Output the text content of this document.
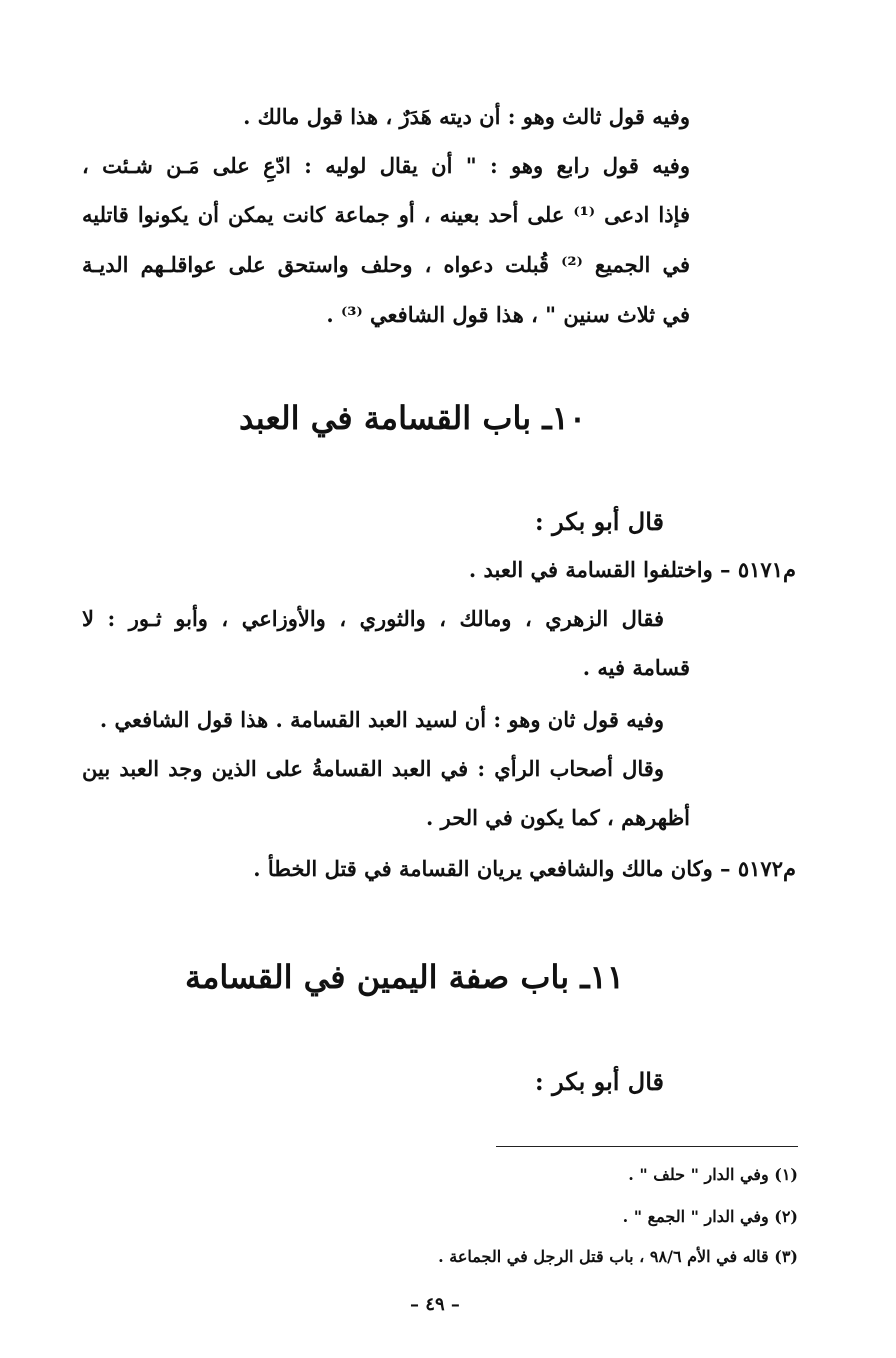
وفيه قول ثالث وهو : أن ديته هَدَرٌ ، هذا قول مالك .
وفيه قول رابع وهو : " أن يقال لوليه : ادّعِ على مَـن شـئت ،
فإذا ادعى ⁽¹⁾ على أحد بعينه ، أو جماعة كانت يمكن أن يكونوا قاتليه
في الجميع ⁽²⁾ قُبلت دعواه ، وحلف واستحق على عواقلـهم الديـة
في ثلاث سنين " ، هذا قول الشافعي ⁽³⁾ .
١٠ـ باب القسامة في العبد
قال أبو بكر :
م٥١٧١ – واختلفوا القسامة في العبد .
فقال الزهري ، ومالك ، والثوري ، والأوزاعي ، وأبو ثـور : لا
قسامة فيه .
وفيه قول ثان وهو : أن لسيد العبد القسامة . هذا قول الشافعي .
وقال أصحاب الرأي : في العبد القسامةُ على الذين وجد العبد بين
أظهرهم ، كما يكون في الحر .
م٥١٧٢ – وكان مالك والشافعي يريان القسامة في قتل الخطأ .
١١ـ باب صفة اليمين في القسامة
قال أبو بكر :
(١) وفي الدار " حلف " .
(٢) وفي الدار " الجمع " .
(٣) قاله في الأم ٩٨/٦ ، باب قتل الرجل في الجماعة .
– ٤٩ –
